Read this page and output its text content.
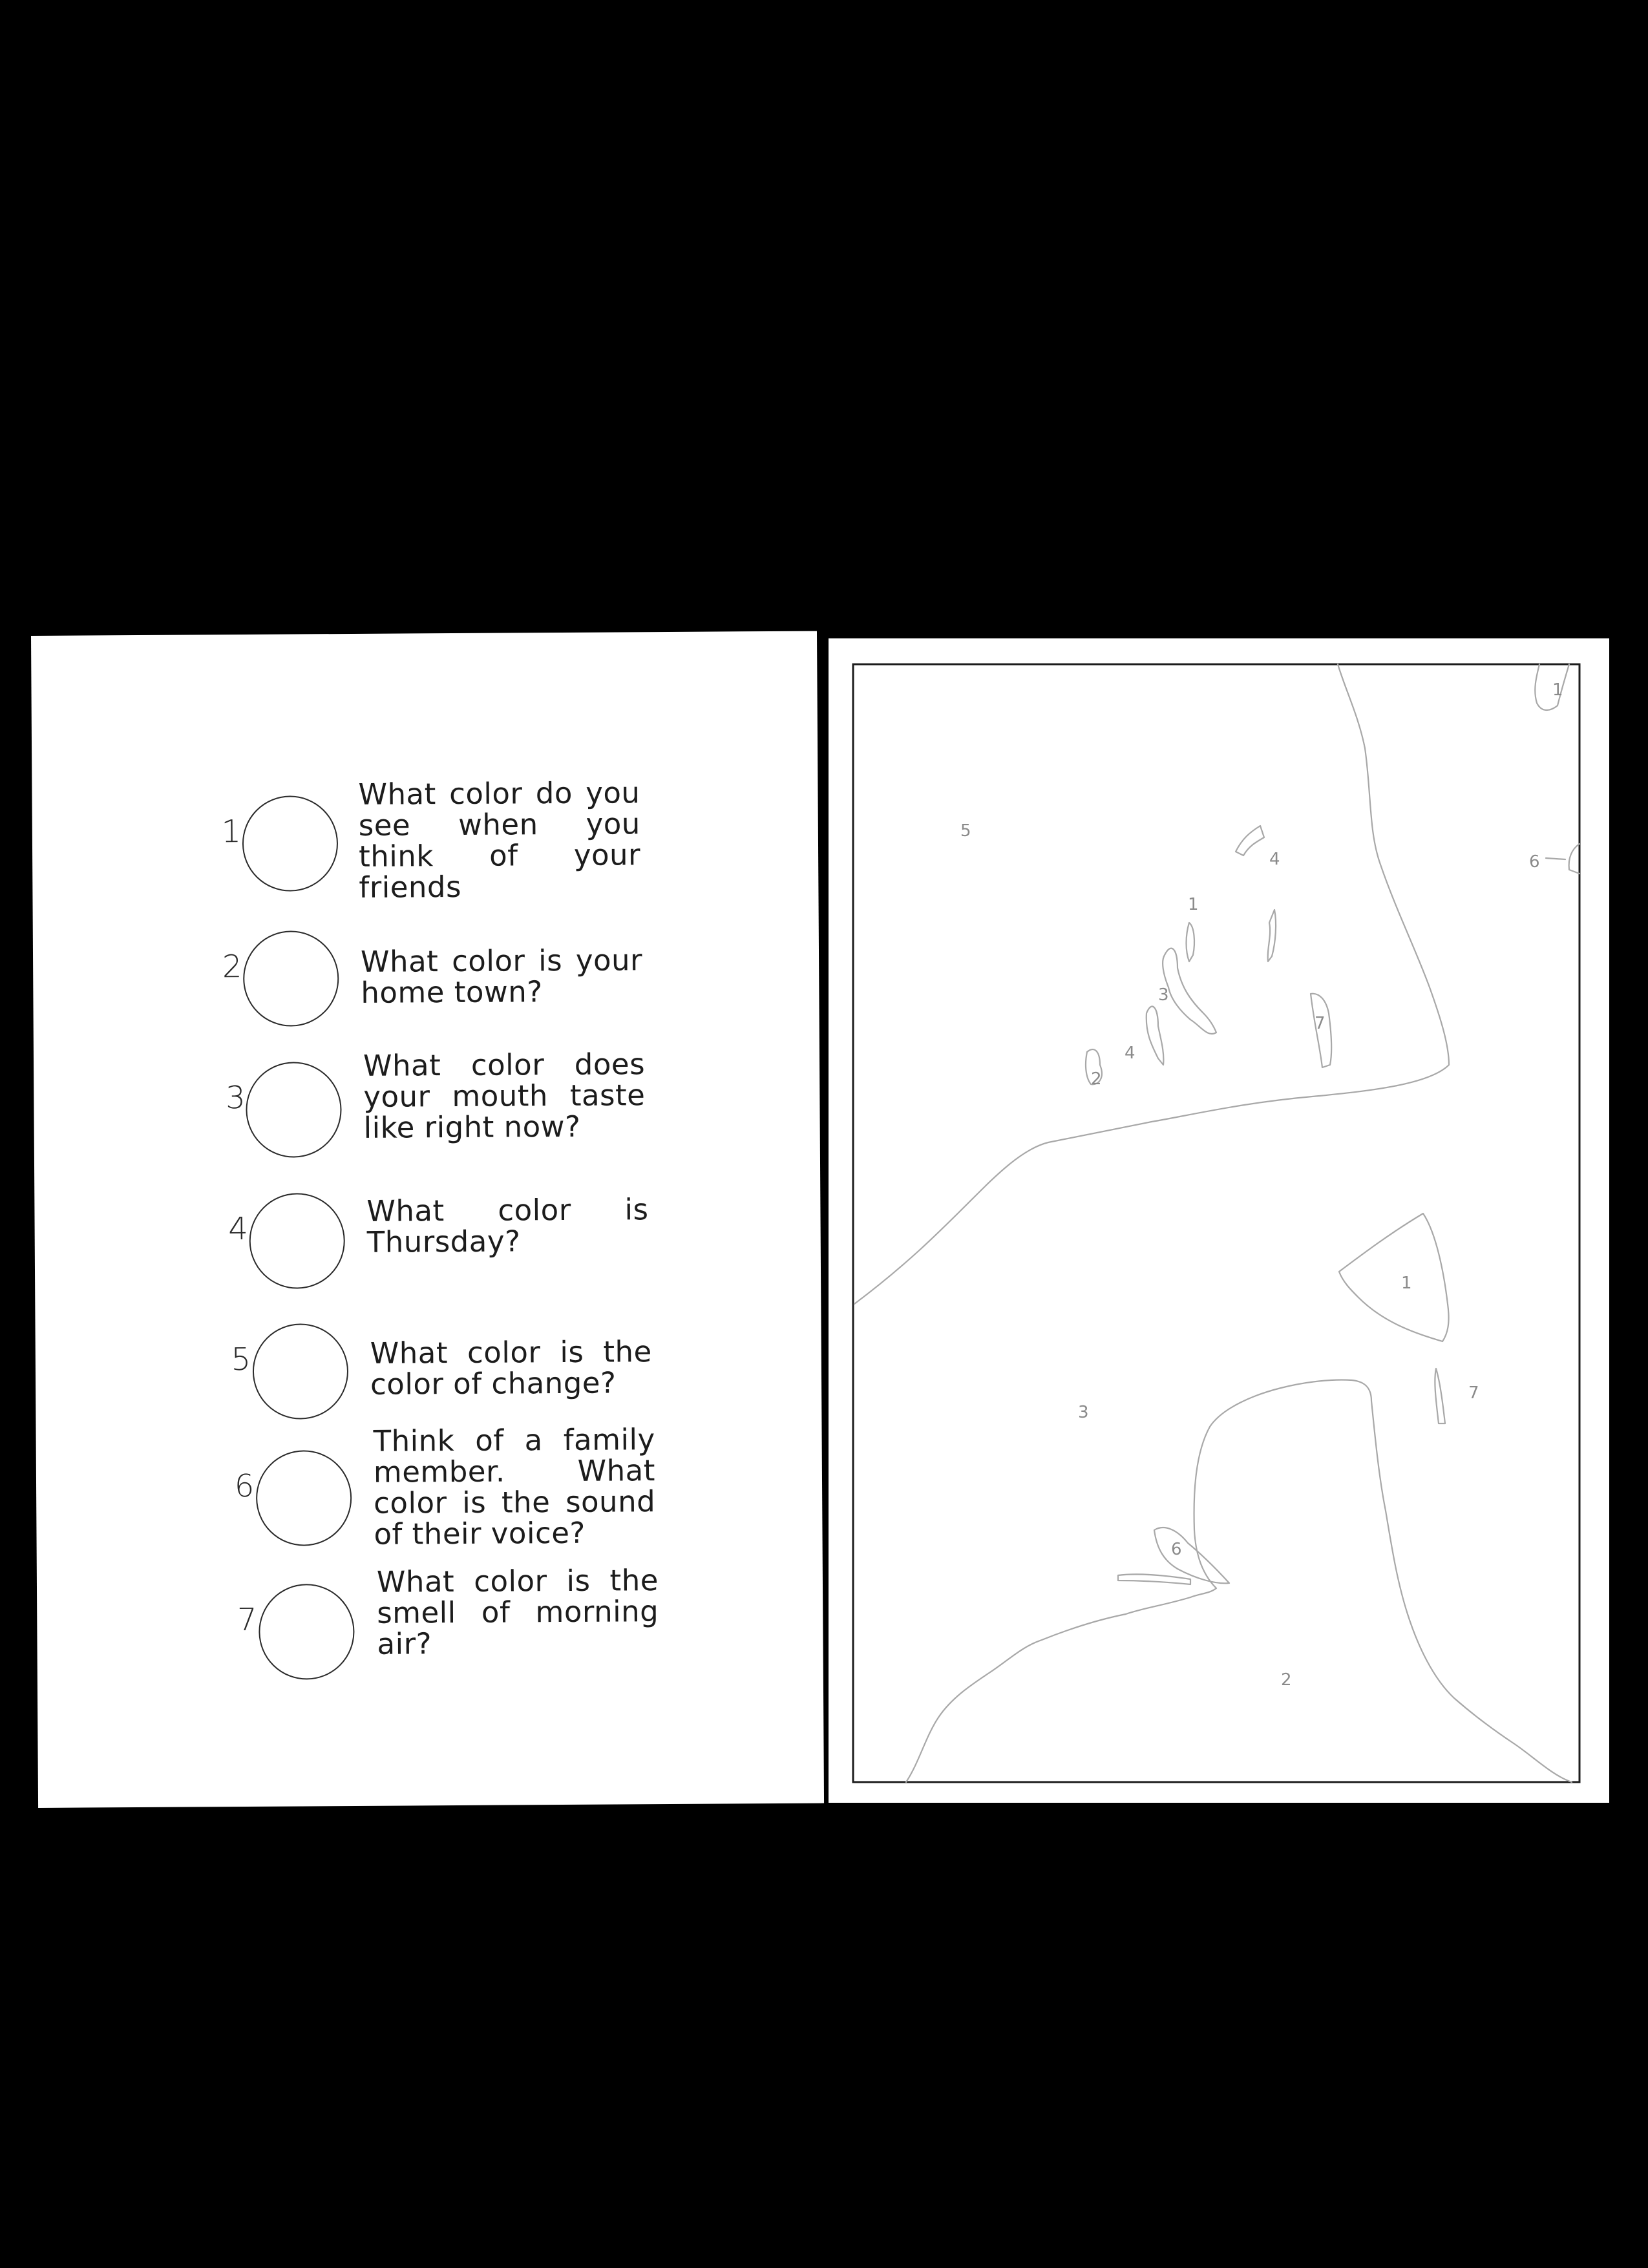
1
What color do you see when you think of your friends
2	What color is your home town?
3
What color does your mouth taste like right now?
4
What color is Thursday?
5	What color is the color of change?
6
Think of a family member. What color is the sound of their voice?
7
What color is the smell of morning air?
5
4
1
3
4
2
7
1
6
1
7
3
6
2
